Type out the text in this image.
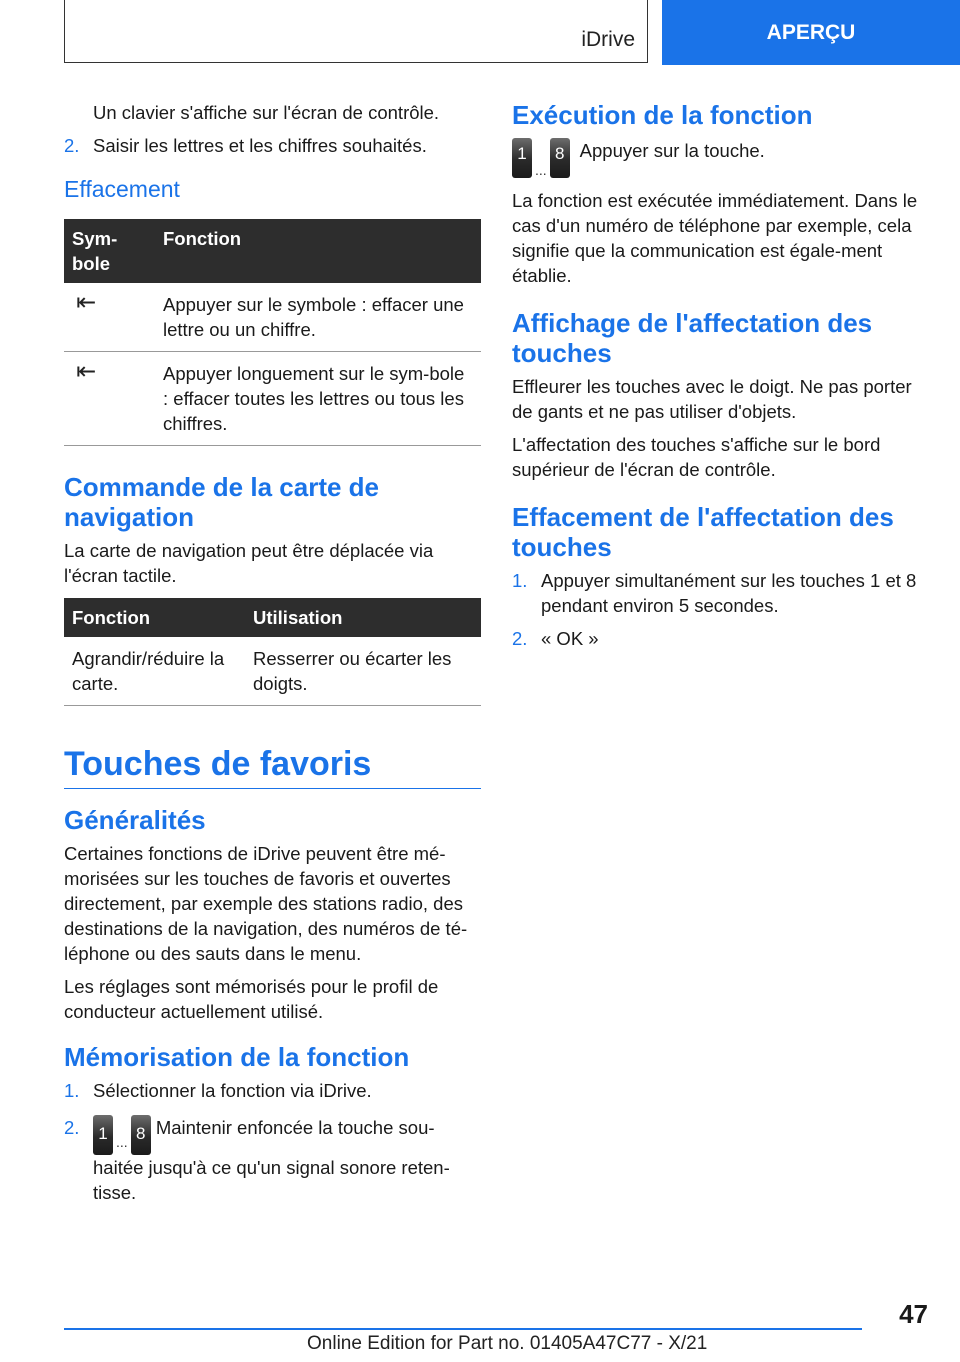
iDrive	APERÇU
Un clavier s'affiche sur l'écran de contrôle.
2. Saisir les lettres et les chiffres souhaités.
Effacement
Sym-bole	Fonction
⇤	Appuyer sur le symbole : effacer une lettre ou un chiffre.
⇤	Appuyer longuement sur le sym-bole : effacer toutes les lettres ou tous les chiffres.
Commande de la carte de navigation

La carte de navigation peut être déplacée via l'écran tactile.

Fonction	Utilisation
Agrandir/réduire la carte.	Resserrer ou écarter les doigts.
Touches de favoris
Généralités

Certaines fonctions de iDrive peuvent être mé-morisées sur les touches de favoris et ouvertes directement, par exemple des stations radio, des destinations de la navigation, des numéros de té-léphone ou des sauts dans le menu.

Les réglages sont mémorisés pour le profil de conducteur actuellement utilisé.

Mémorisation de la fonction
1. Sélectionner la fonction via iDrive.
2.	1 ... 8 Maintenir enfoncée la touche sou-haitée jusqu'à ce qu'un signal sonore reten-tisse.
Exécution de la fonction
1
...
8 Appuyer sur la touche.

La fonction est exécutée immédiatement. Dans le cas d'un numéro de téléphone par exemple, cela signifie que la communication est égale-ment établie.

Affichage de l'affectation des touches

Effleurer les touches avec le doigt. Ne pas porter de gants et ne pas utiliser d'objets.

L'affectation des touches s'affiche sur le bord supérieur de l'écran de contrôle.

Effacement de l'affectation des touches
1. Appuyer simultanément sur les touches 1 et 8 pendant environ 5 secondes.
2. « OK »
47
Online Edition for Part no. 01405A47C77 - X/21
